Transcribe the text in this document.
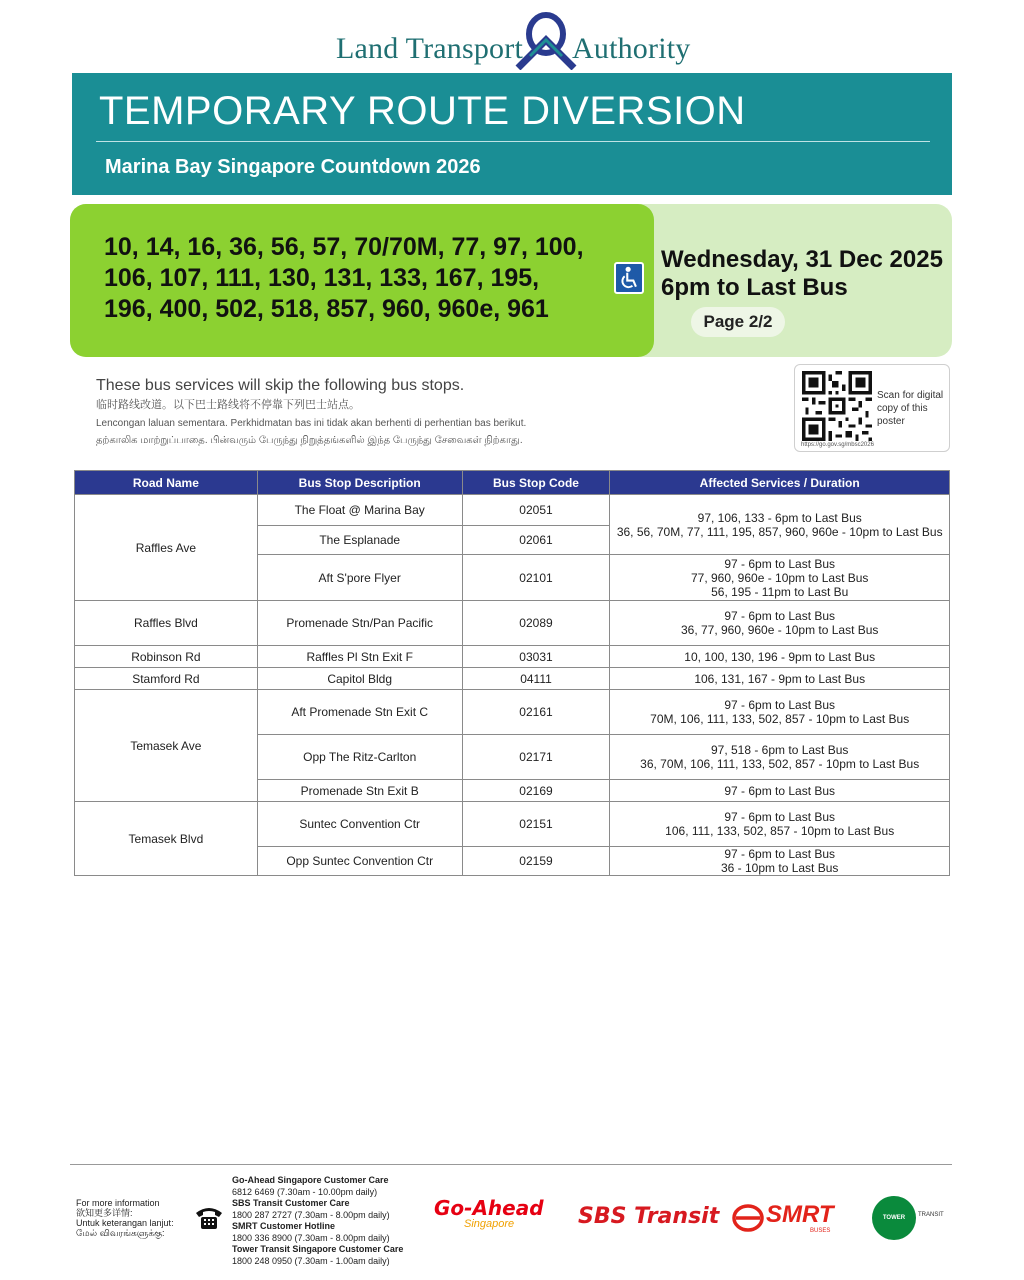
Land Transport Authority
TEMPORARY ROUTE DIVERSION
Marina Bay Singapore Countdown 2026
10, 14, 16, 36, 56, 57, 70/70M, 77, 97, 100,
106, 107, 111, 130, 131, 133, 167, 195,
196, 400, 502, 518, 857, 960, 960e, 961
Wednesday, 31 Dec 2025
6pm to Last Bus
Page 2/2
These bus services will skip the following bus stops.
临时路线改道。以下巴士路线将不停靠下列巴士站点。
Lencongan laluan sementara. Perkhidmatan bas ini tidak akan berhenti di perhentian bas berikut.
தற்காலிக மாற்றுப்பாதை. பின்வரும் பேருந்து நிறுத்தங்களில் இந்த பேருந்து சேவைகள் நிற்காது.
Scan for digital copy of this poster
https://go.gov.sg/mbsc2026
Road Name	Bus Stop Description	Bus Stop Code	Affected Services / Duration
Raffles Ave	The Float @ Marina Bay	02051	97, 106, 133 - 6pm to Last Bus
36, 56, 70M, 77, 111, 195, 857, 960, 960e - 10pm to Last Bus
	The Esplanade	02061	
	Aft S'pore Flyer	02101	97 - 6pm to Last Bus
77, 960, 960e - 10pm to Last Bus
56, 195 - 11pm to Last Bu
Raffles Blvd	Promenade Stn/Pan Pacific	02089	97 - 6pm to Last Bus
36, 77, 960, 960e - 10pm to Last Bus
Robinson Rd	Raffles Pl Stn Exit F	03031	10, 100, 130, 196 - 9pm to Last Bus
Stamford Rd	Capitol Bldg	04111	106, 131, 167 - 9pm to Last Bus
Temasek Ave	Aft Promenade Stn Exit C	02161	97 - 6pm to Last Bus
70M, 106, 111, 133, 502, 857 - 10pm to Last Bus
	Opp The Ritz-Carlton	02171	97, 518 - 6pm to Last Bus
36, 70M, 106, 111, 133, 502, 857 - 10pm to Last Bus
	Promenade Stn Exit B	02169	97 - 6pm to Last Bus
Temasek Blvd	Suntec Convention Ctr	02151	97 - 6pm to Last Bus
106, 111, 133, 502, 857 - 10pm to Last Bus
	Opp Suntec Convention Ctr	02159	97 - 6pm to Last Bus
36 - 10pm to Last Bus
For more information
欲知更多详情:
Untuk keterangan lanjut:
மேல் விவரங்களுக்கு:
Go-Ahead Singapore Customer Care
6812 6469 (7.30am - 10.00pm daily)
SBS Transit Customer Care
1800 287 2727 (7.30am - 8.00pm daily)
SMRT Customer Hotline
1800 336 8900 (7.30am - 8.00pm daily)
Tower Transit Singapore Customer Care
1800 248 0950 (7.30am - 1.00am daily)
Go-Ahead
Singapore	SBS Transit SMRT
BUSES
TOWER	TRANSIT
